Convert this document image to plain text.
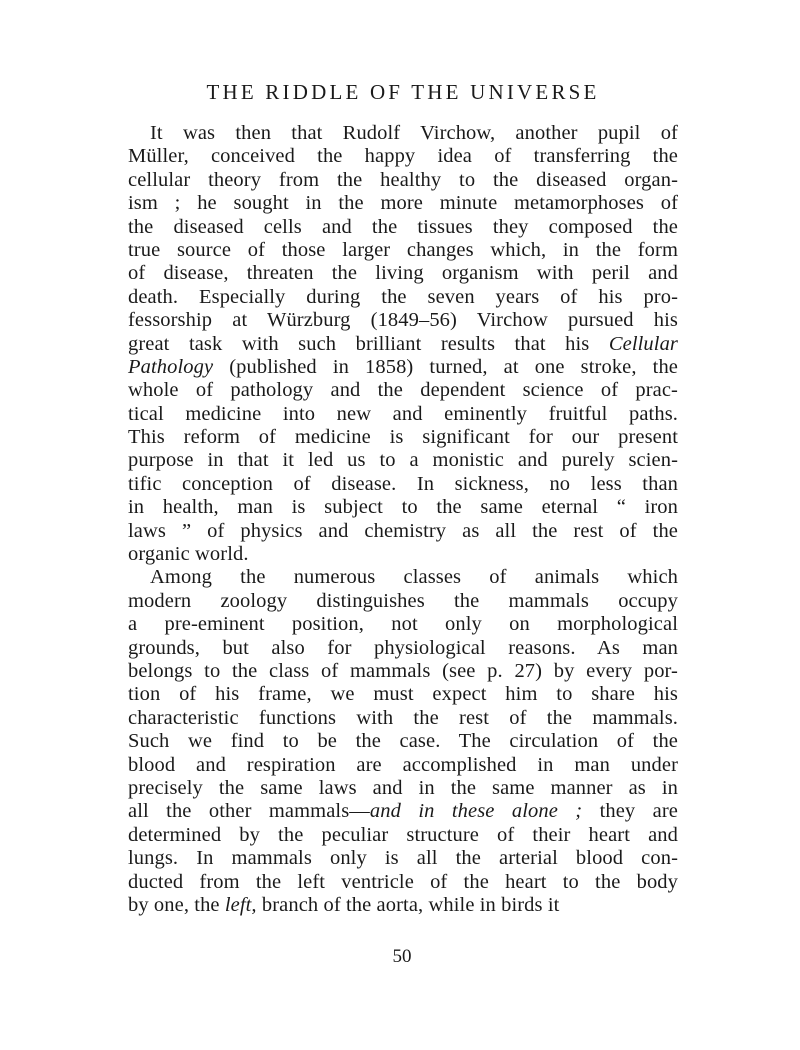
THE RIDDLE OF THE UNIVERSE
It was then that Rudolf Virchow, another pupil of
Müller, conceived the happy idea of transferring the
cellular theory from the healthy to the diseased organ-
ism ; he sought in the more minute metamorphoses of
the diseased cells and the tissues they composed the
true source of those larger changes which, in the form
of disease, threaten the living organism with peril and
death. Especially during the seven years of his pro-
fessorship at Würzburg (1849–56) Virchow pursued his
great task with such brilliant results that his Cellular
Pathology (published in 1858) turned, at one stroke, the
whole of pathology and the dependent science of prac-
tical medicine into new and eminently fruitful paths.
This reform of medicine is significant for our present
purpose in that it led us to a monistic and purely scien-
tific conception of disease. In sickness, no less than
in health, man is subject to the same eternal “ iron
laws ” of physics and chemistry as all the rest of the
organic world.
Among the numerous classes of animals which
modern zoology distinguishes the mammals occupy
a pre-eminent position, not only on morphological
grounds, but also for physiological reasons. As man
belongs to the class of mammals (see p. 27) by every por-
tion of his frame, we must expect him to share his
characteristic functions with the rest of the mammals.
Such we find to be the case. The circulation of the
blood and respiration are accomplished in man under
precisely the same laws and in the same manner as in
all the other mammals—and in these alone ; they are
determined by the peculiar structure of their heart and
lungs. In mammals only is all the arterial blood con-
ducted from the left ventricle of the heart to the body
by one, the left, branch of the aorta, while in birds it
50
